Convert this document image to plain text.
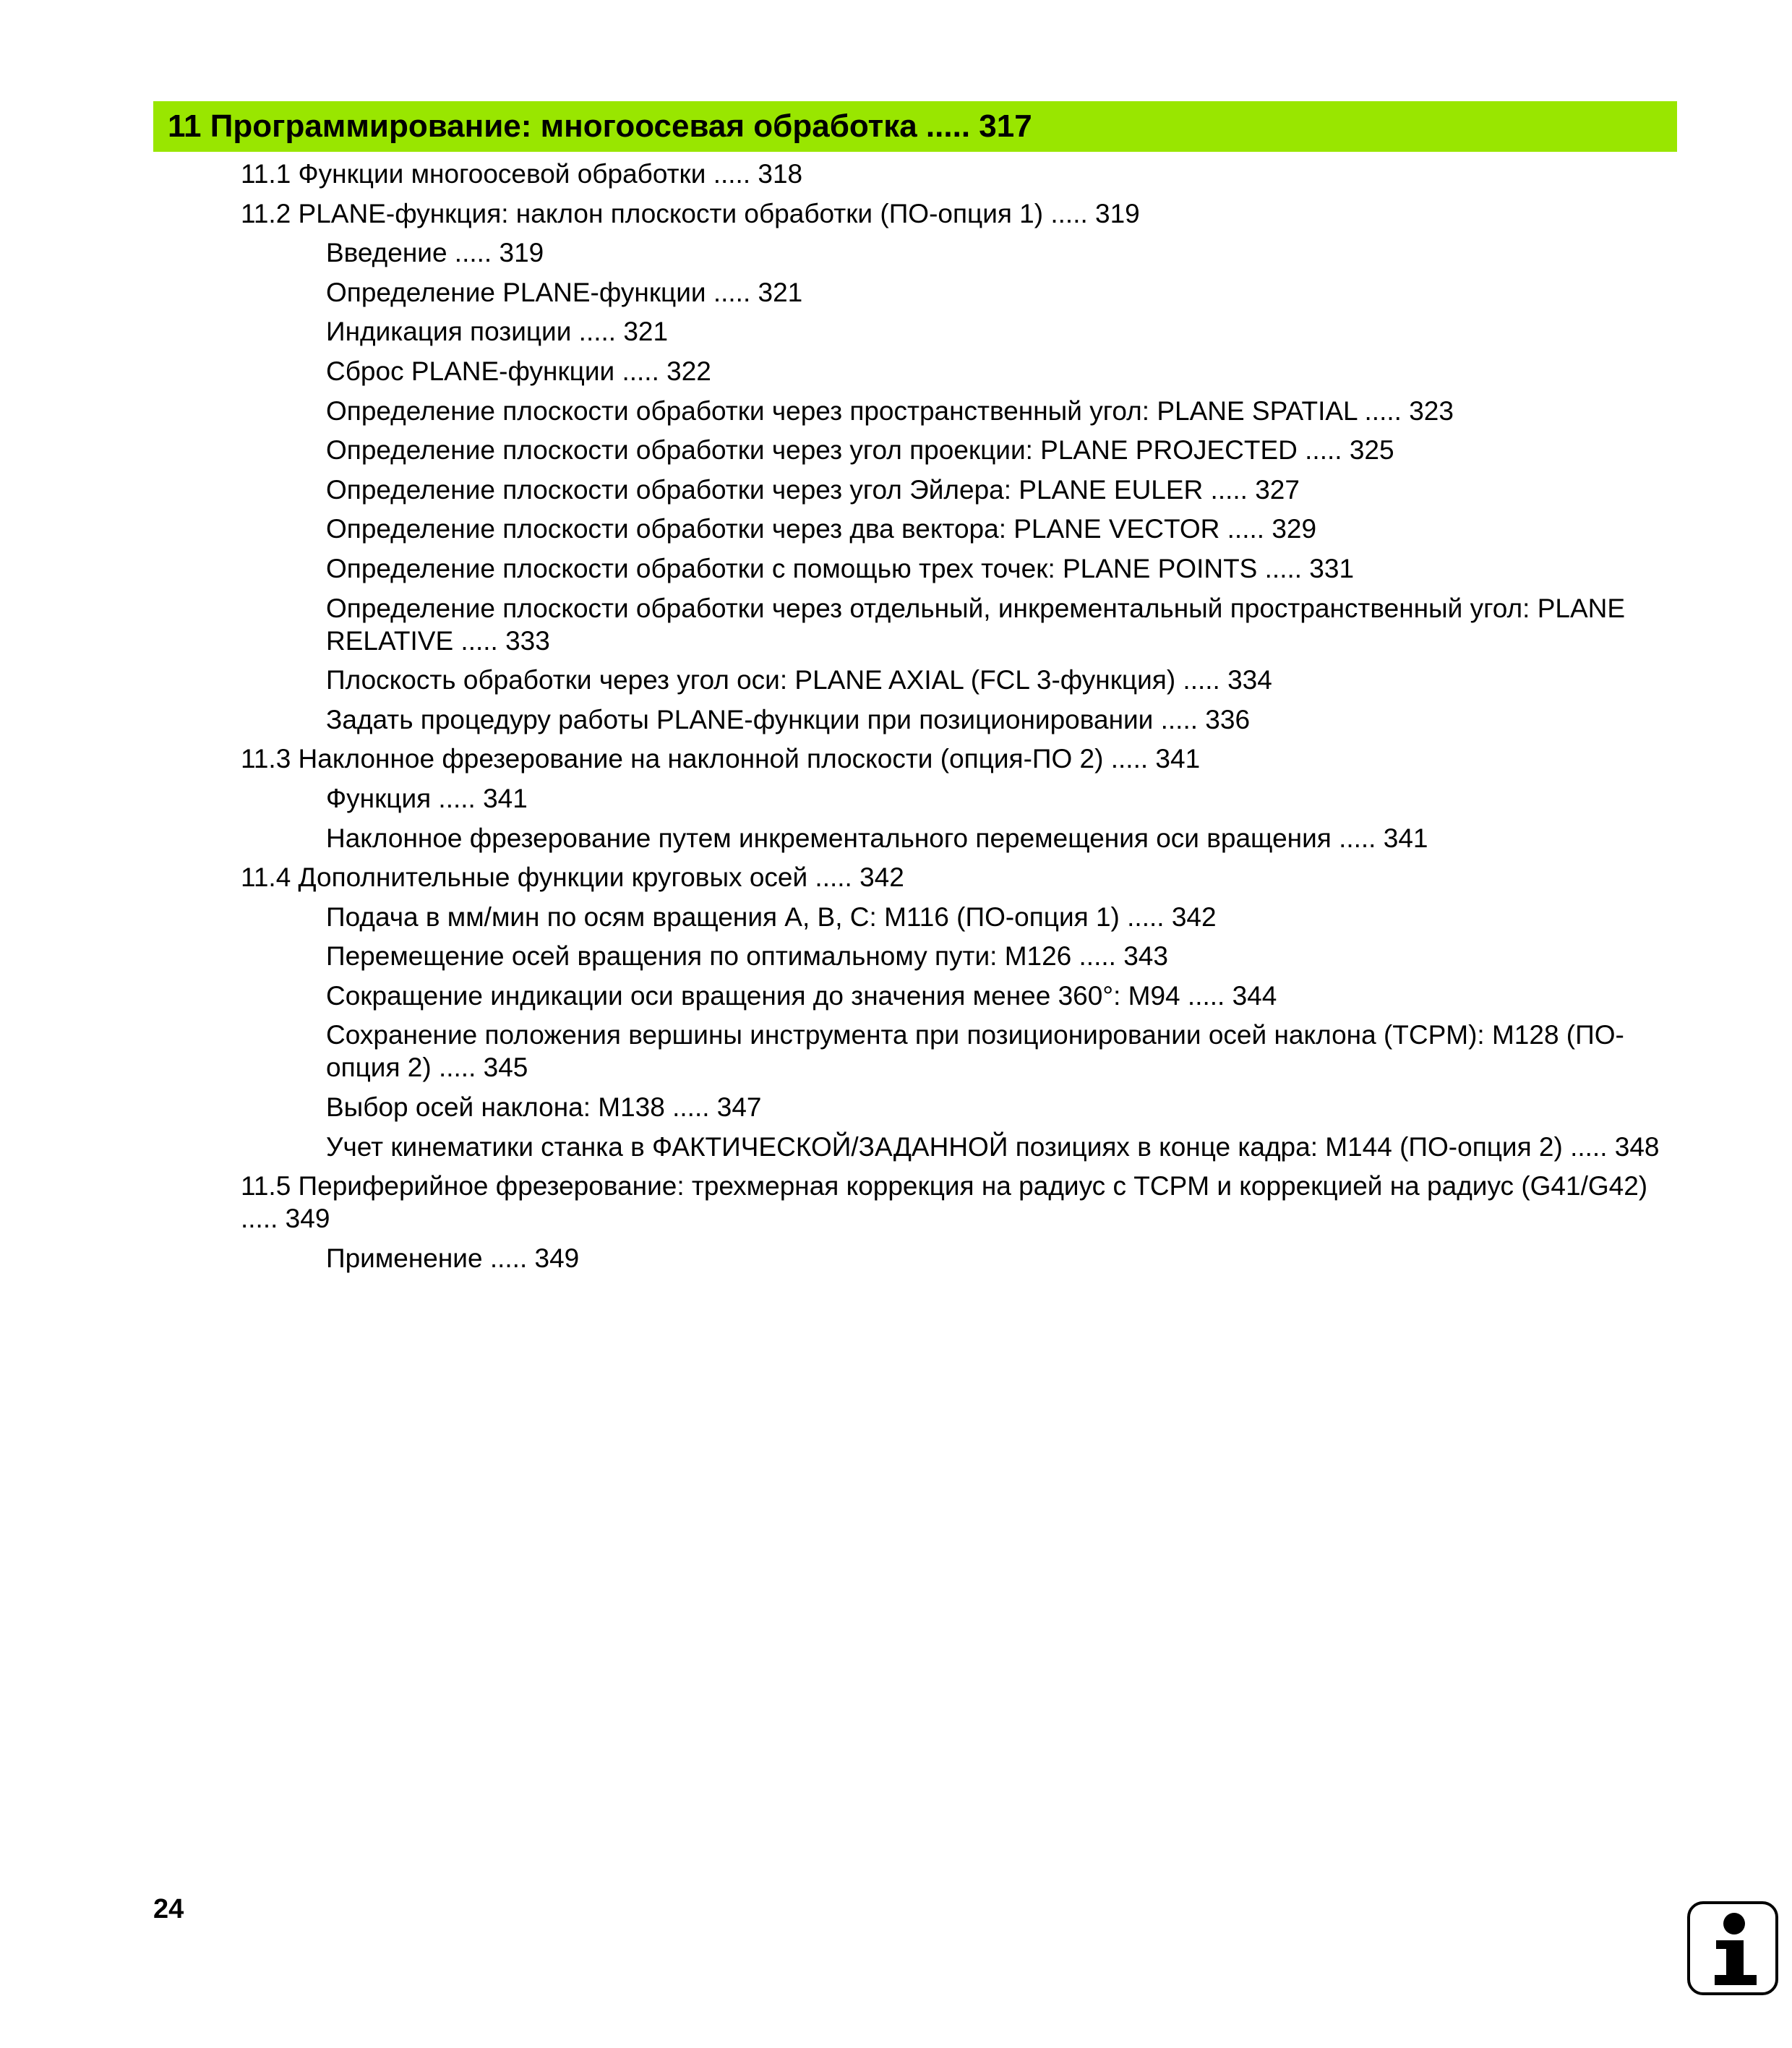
11 Программирование: многоосевая обработка ..... 317
11.1 Функции многоосевой обработки ..... 318
11.2 PLANE-функция: наклон плоскости обработки (ПО-опция 1) ..... 319
Введение ..... 319
Определение PLANE-функции ..... 321
Индикация позиции ..... 321
Сброс PLANE-функции ..... 322
Определение плоскости обработки через пространственный угол: PLANE SPATIAL ..... 323
Определение плоскости обработки через угол проекции: PLANE PROJECTED ..... 325
Определение плоскости обработки через угол Эйлера: PLANE EULER ..... 327
Определение плоскости обработки через два вектора: PLANE VECTOR ..... 329
Определение плоскости обработки с помощью трех точек: PLANE POINTS ..... 331
Определение плоскости обработки через отдельный, инкрементальный пространственный угол: PLANE RELATIVE ..... 333
Плоскость обработки через угол оси: PLANE AXIAL (FCL 3-функция) ..... 334
Задать процедуру работы PLANE-функции при позиционировании ..... 336
11.3 Наклонное фрезерование на наклонной плоскости (опция-ПО 2) ..... 341
Функция ..... 341
Наклонное фрезерование путем инкрементального перемещения оси вращения ..... 341
11.4 Дополнительные функции круговых осей ..... 342
Подача в мм/мин по осям вращения A, B, C: M116 (ПО-опция 1) ..... 342
Перемещение осей вращения по оптимальному пути: M126 ..... 343
Сокращение индикации оси вращения до значения менее 360°: M94 ..... 344
Сохранение положения вершины инструмента при позиционировании осей наклона (TCPM): M128 (ПО-опция 2) ..... 345
Выбор осей наклона: M138 ..... 347
Учет кинематики станка в ФАКТИЧЕСКОЙ/ЗАДАННОЙ позициях в конце кадра: M144 (ПО-опция 2) ..... 348
11.5 Периферийное фрезерование: трехмерная коррекция на радиус с TCPM и коррекцией на радиус (G41/G42) ..... 349
Применение ..... 349
24
